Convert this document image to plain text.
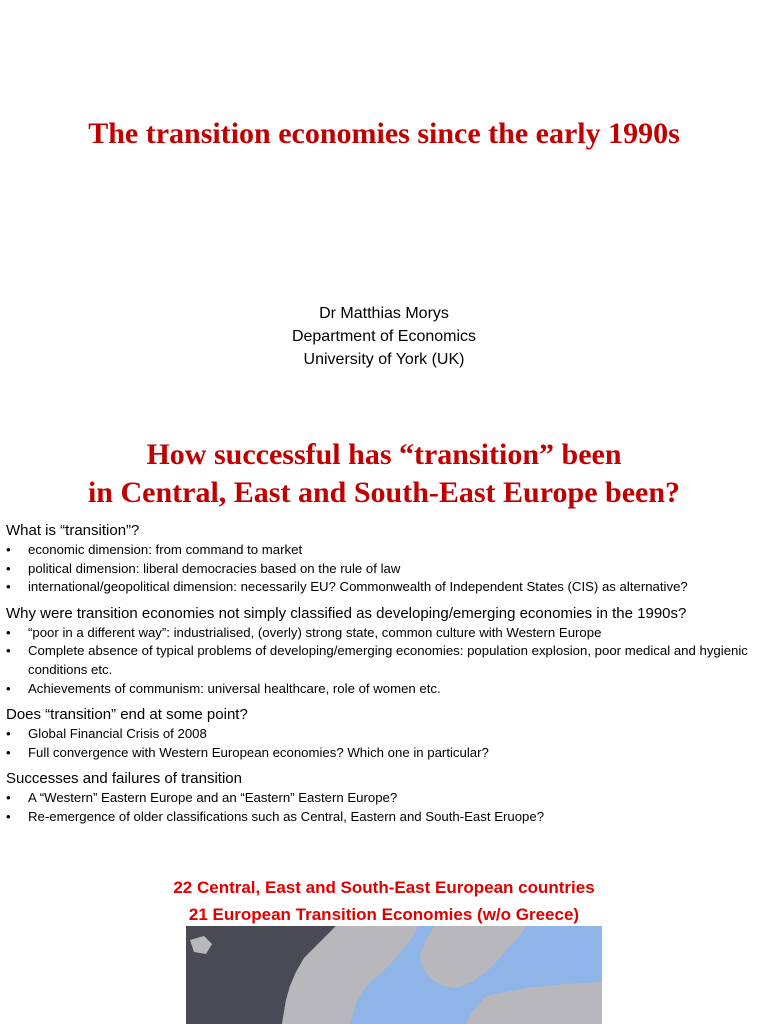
The transition economies since the early 1990s
Dr Matthias Morys
Department of Economics
University of York (UK)
How successful has “transition” been
in Central, East and South-East Europe been?
What is “transition”?
• economic dimension: from command to market
• political dimension: liberal democracies based on the rule of law
• international/geopolitical dimension: necessarily EU? Commonwealth of Independent States (CIS) as alternative?
Why were transition economies not simply classified as developing/emerging economies in the 1990s?
• “poor in a different way”: industrialised, (overly) strong state, common culture with Western Europe
• Complete absence of typical problems of developing/emerging economies: population explosion, poor medical and hygienic conditions etc.
• Achievements of communism: universal healthcare, role of women etc.
Does “transition” end at some point?
• Global Financial Crisis of 2008
• Full convergence with Western European economies? Which one in particular?
Successes and failures of transition
• A “Western” Eastern Europe and an “Eastern” Eastern Europe?
• Re-emergence of older classifications such as Central, Eastern and South-East Eruope?
22 Central, East and South-East European countries
21 European Transition Economies (w/o Greece)
